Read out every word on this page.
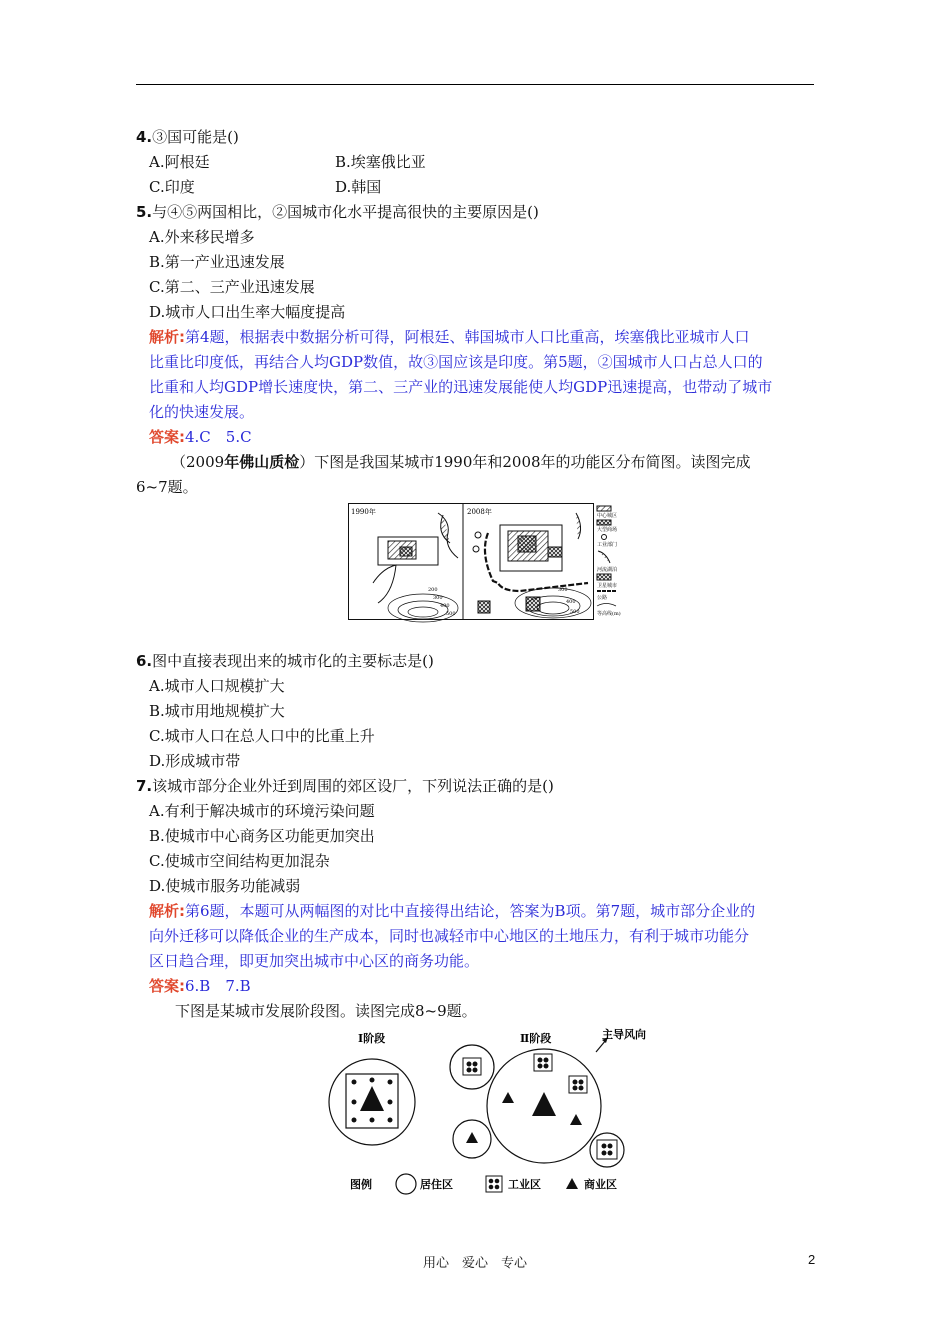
4.③国可能是()
A.阿根廷	B.埃塞俄比亚
C.印度	D.韩国
5.与④⑤两国相比，②国城市化水平提高很快的主要原因是()
A.外来移民增多
B.第一产业迅速发展
C.第二、三产业迅速发展
D.城市人口出生率大幅度提高
解析:第4题，根据表中数据分析可得，阿根廷、韩国城市人口比重高，埃塞俄比亚城市人口
比重比印度低，再结合人均GDP数值，故③国应该是印度。第5题，②国城市人口占总人口的
比重和人均GDP增长速度快，第二、三产业的迅速发展能使人均GDP迅速提高，也带动了城市
化的快速发展。
答案:4.C　5.C
（2009年佛山质检）下图是我国某城市1990年和2008年的功能区分布简图。读图完成
6~7题。
1990年	2008年
200
300
400
500
300
400
500
中心城区
大型商场
工业部门
河流湖泊
卫星城市
公路
等高线(m)
6.图中直接表现出来的城市化的主要标志是()
A.城市人口规模扩大
B.城市用地规模扩大
C.城市人口在总人口中的比重上升
D.形成城市带
7.该城市部分企业外迁到周围的郊区设厂，下列说法正确的是()
A.有利于解决城市的环境污染问题
B.使城市中心商务区功能更加突出
C.使城市空间结构更加混杂
D.使城市服务功能减弱
解析:第6题，本题可从两幅图的对比中直接得出结论，答案为B项。第7题，城市部分企业的
向外迁移可以降低企业的生产成本，同时也减轻市中心地区的土地压力，有利于城市功能分
区日趋合理，即更加突出城市中心区的商务功能。
答案:6.B　7.B
下图是某城市发展阶段图。读图完成8~9题。
Ⅰ阶段	Ⅱ阶段	主导风向
图例	居住区	工业区	商业区
用心　爱心　专心	2
